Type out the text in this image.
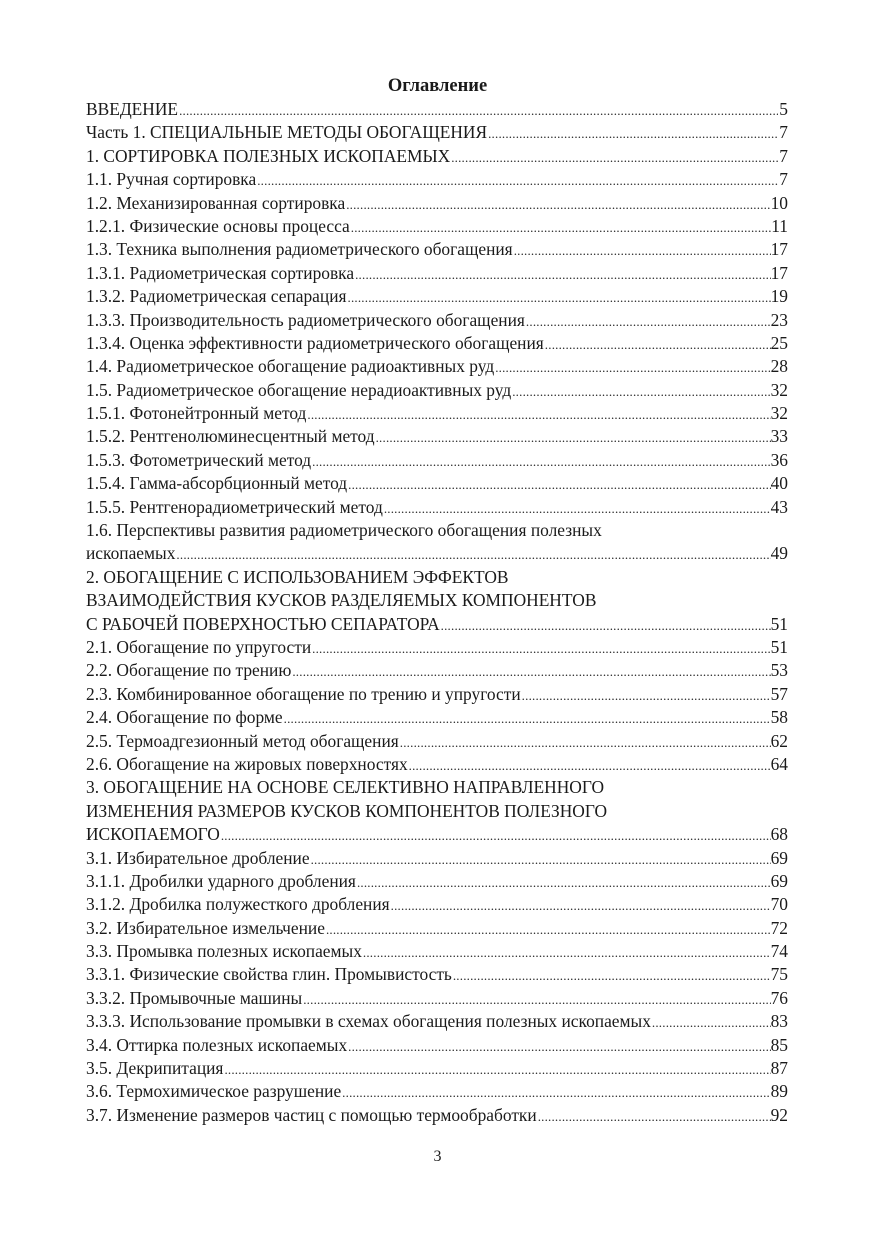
Оглавление
ВВЕДЕНИЕ .....	5
Часть 1. СПЕЦИАЛЬНЫЕ МЕТОДЫ ОБОГАЩЕНИЯ .....	7
1. СОРТИРОВКА ПОЛЕЗНЫХ ИСКОПАЕМЫХ .....	7
1.1. Ручная сортировка .....	7
1.2. Механизированная сортировка .....	10
1.2.1. Физические основы процесса .....	11
1.3. Техника выполнения радиометрического обогащения .....	17
1.3.1. Радиометрическая сортировка .....	17
1.3.2. Радиометрическая сепарация .....	19
1.3.3. Производительность радиометрического обогащения .....	23
1.3.4. Оценка эффективности радиометрического обогащения .....	25
1.4. Радиометрическое обогащение радиоактивных руд .....	28
1.5. Радиометрическое обогащение нерадиоактивных руд .....	32
1.5.1. Фотонейтронный метод .....	32
1.5.2. Рентгенолюминесцентный метод .....	33
1.5.3. Фотометрический метод .....	36
1.5.4. Гамма-абсорбционный метод .....	40
1.5.5. Рентгенорадиометрический метод .....	43
1.6. Перспективы развития радиометрического обогащения полезных
ископаемых .....	49
2. ОБОГАЩЕНИЕ С ИСПОЛЬЗОВАНИЕМ ЭФФЕКТОВ
ВЗАИМОДЕЙСТВИЯ КУСКОВ РАЗДЕЛЯЕМЫХ КОМПОНЕНТОВ
С РАБОЧЕЙ ПОВЕРХНОСТЬЮ СЕПАРАТОРА .....	51
2.1. Обогащение по упругости .....	51
2.2. Обогащение по трению .....	53
2.3. Комбинированное обогащение по трению и упругости .....	57
2.4. Обогащение по форме .....	58
2.5. Термоадгезионный метод обогащения .....	62
2.6. Обогащение на жировых поверхностях .....	64
3. ОБОГАЩЕНИЕ НА ОСНОВЕ СЕЛЕКТИВНО НАПРАВЛЕННОГО
ИЗМЕНЕНИЯ РАЗМЕРОВ КУСКОВ КОМПОНЕНТОВ ПОЛЕЗНОГО
ИСКОПАЕМОГО .....	68
3.1. Избирательное дробление .....	69
3.1.1. Дробилки ударного дробления .....	69
3.1.2. Дробилка полужесткого дробления .....	70
3.2. Избирательное измельчение .....	72
3.3. Промывка полезных ископаемых .....	74
3.3.1. Физические свойства глин. Промывистость .....	75
3.3.2. Промывочные машины .....	76
3.3.3. Использование промывки в схемах обогащения полезных ископаемых .....	83
3.4. Оттирка полезных ископаемых .....	85
3.5. Декрипитация .....	87
3.6. Термохимическое разрушение .....	89
3.7. Изменение размеров частиц с помощью термообработки .....	92
3
